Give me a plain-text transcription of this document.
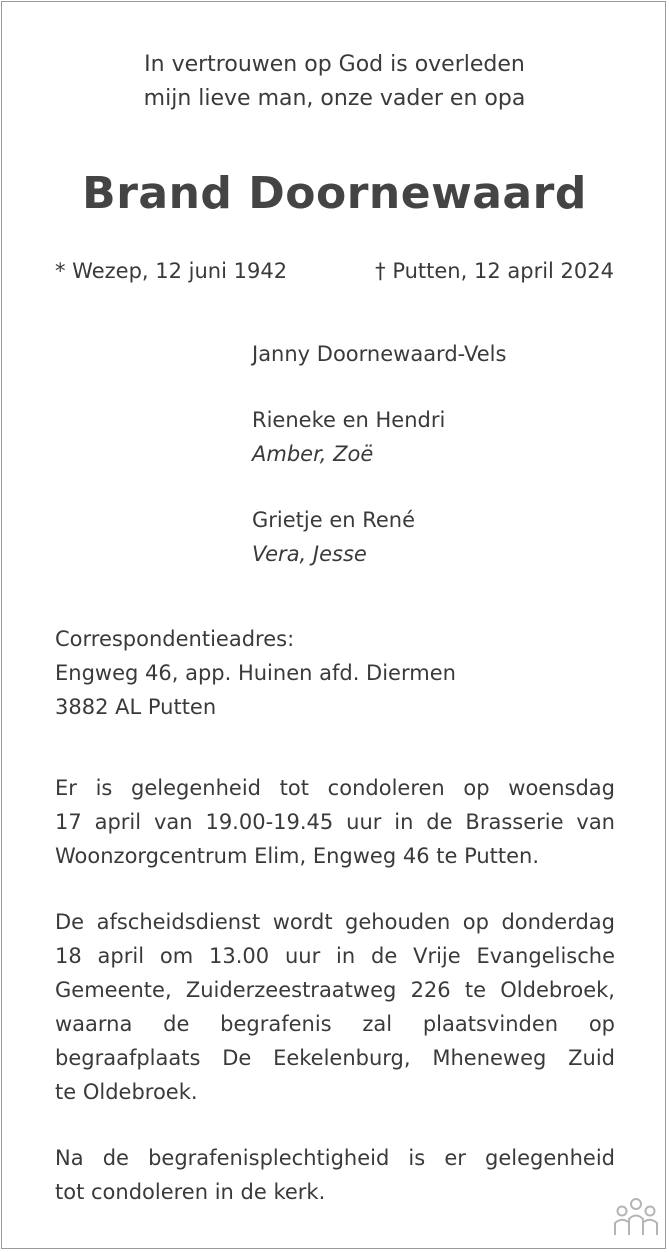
In vertrouwen op God is overleden
mijn lieve man, onze vader en opa
Brand Doornewaard
* Wezep, 12 juni 1942	† Putten, 12 april 2024
Janny Doornewaard-Vels
Rieneke en Hendri
Amber, Zoë
Grietje en René
Vera, Jesse
Correspondentieadres:
Engweg 46, app. Huinen afd. Diermen
3882 AL Putten
Er is gelegenheid tot condoleren op woensdag
17 april van 19.00-19.45 uur in de Brasserie van
Woonzorgcentrum Elim, Engweg 46 te Putten.
De afscheidsdienst wordt gehouden op donderdag
18 april om 13.00 uur in de Vrije Evangelische
Gemeente, Zuiderzeestraatweg 226 te Oldebroek,
waarna de begrafenis zal plaatsvinden op
begraafplaats De Eekelenburg, Mheneweg Zuid
te Oldebroek.
Na de begrafenisplechtigheid is er gelegenheid
tot condoleren in de kerk.
